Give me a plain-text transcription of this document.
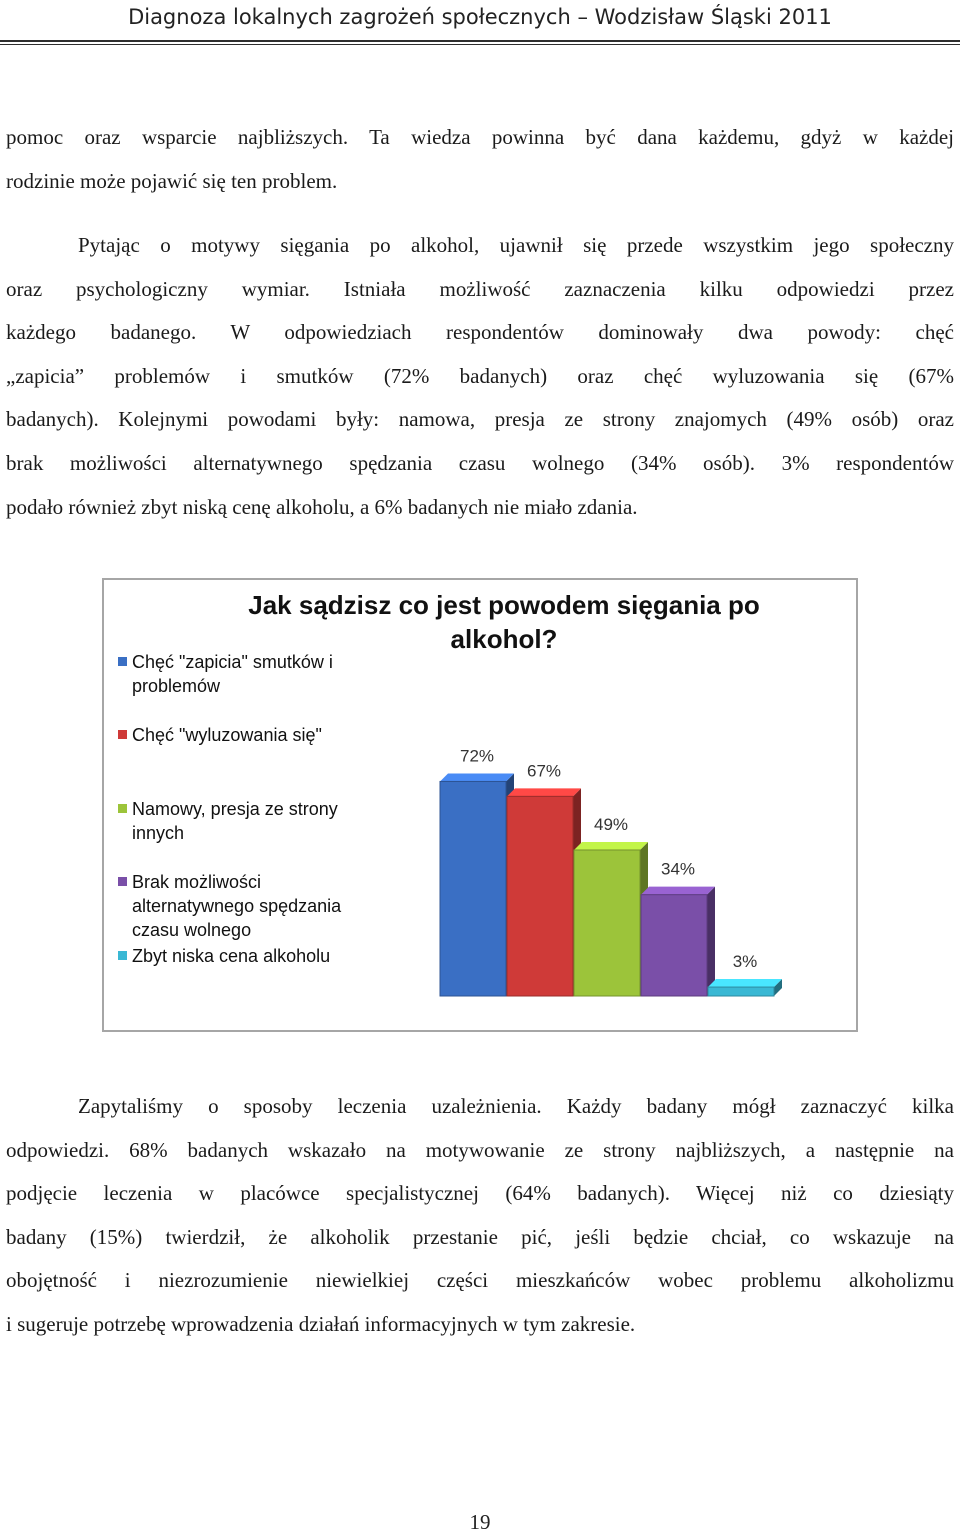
Diagnoza lokalnych zagrożeń społecznych – Wodzisław Śląski 2011
pomoc oraz wsparcie najbliższych. Ta wiedza powinna być dana każdemu, gdyż w każdej
rodzinie może pojawić się ten problem.
Pytając o motywy sięgania po alkohol, ujawnił się przede wszystkim jego społeczny
oraz psychologiczny wymiar. Istniała możliwość zaznaczenia kilku odpowiedzi przez
każdego badanego. W odpowiedziach respondentów dominowały dwa powody: chęć
„zapicia” problemów i smutków (72% badanych) oraz chęć wyluzowania się (67%
badanych). Kolejnymi powodami były: namowa, presja ze strony znajomych (49% osób) oraz
brak możliwości alternatywnego spędzania czasu wolnego (34% osób). 3% respondentów
podało również zbyt niską cenę alkoholu, a 6% badanych nie miało zdania.
Jak sądzisz co jest powodem sięgania po alkohol?
Chęć "zapicia" smutków i
problemów
Chęć "wyluzowania się"
Namowy, presja ze strony
innych
Brak możliwości
alternatywnego spędzania
czasu wolnego
Zbyt niska cena alkoholu
72%
67%
49%
34%
3%
Zapytaliśmy o sposoby leczenia uzależnienia. Każdy badany mógł zaznaczyć kilka
odpowiedzi. 68% badanych wskazało na motywowanie ze strony najbliższych, a następnie na
podjęcie leczenia w placówce specjalistycznej (64% badanych). Więcej niż co dziesiąty
badany (15%) twierdził, że alkoholik przestanie pić, jeśli będzie chciał, co wskazuje na
obojętność i niezrozumienie niewielkiej części mieszkańców wobec problemu alkoholizmu
i sugeruje potrzebę wprowadzenia działań informacyjnych w tym zakresie.
19
